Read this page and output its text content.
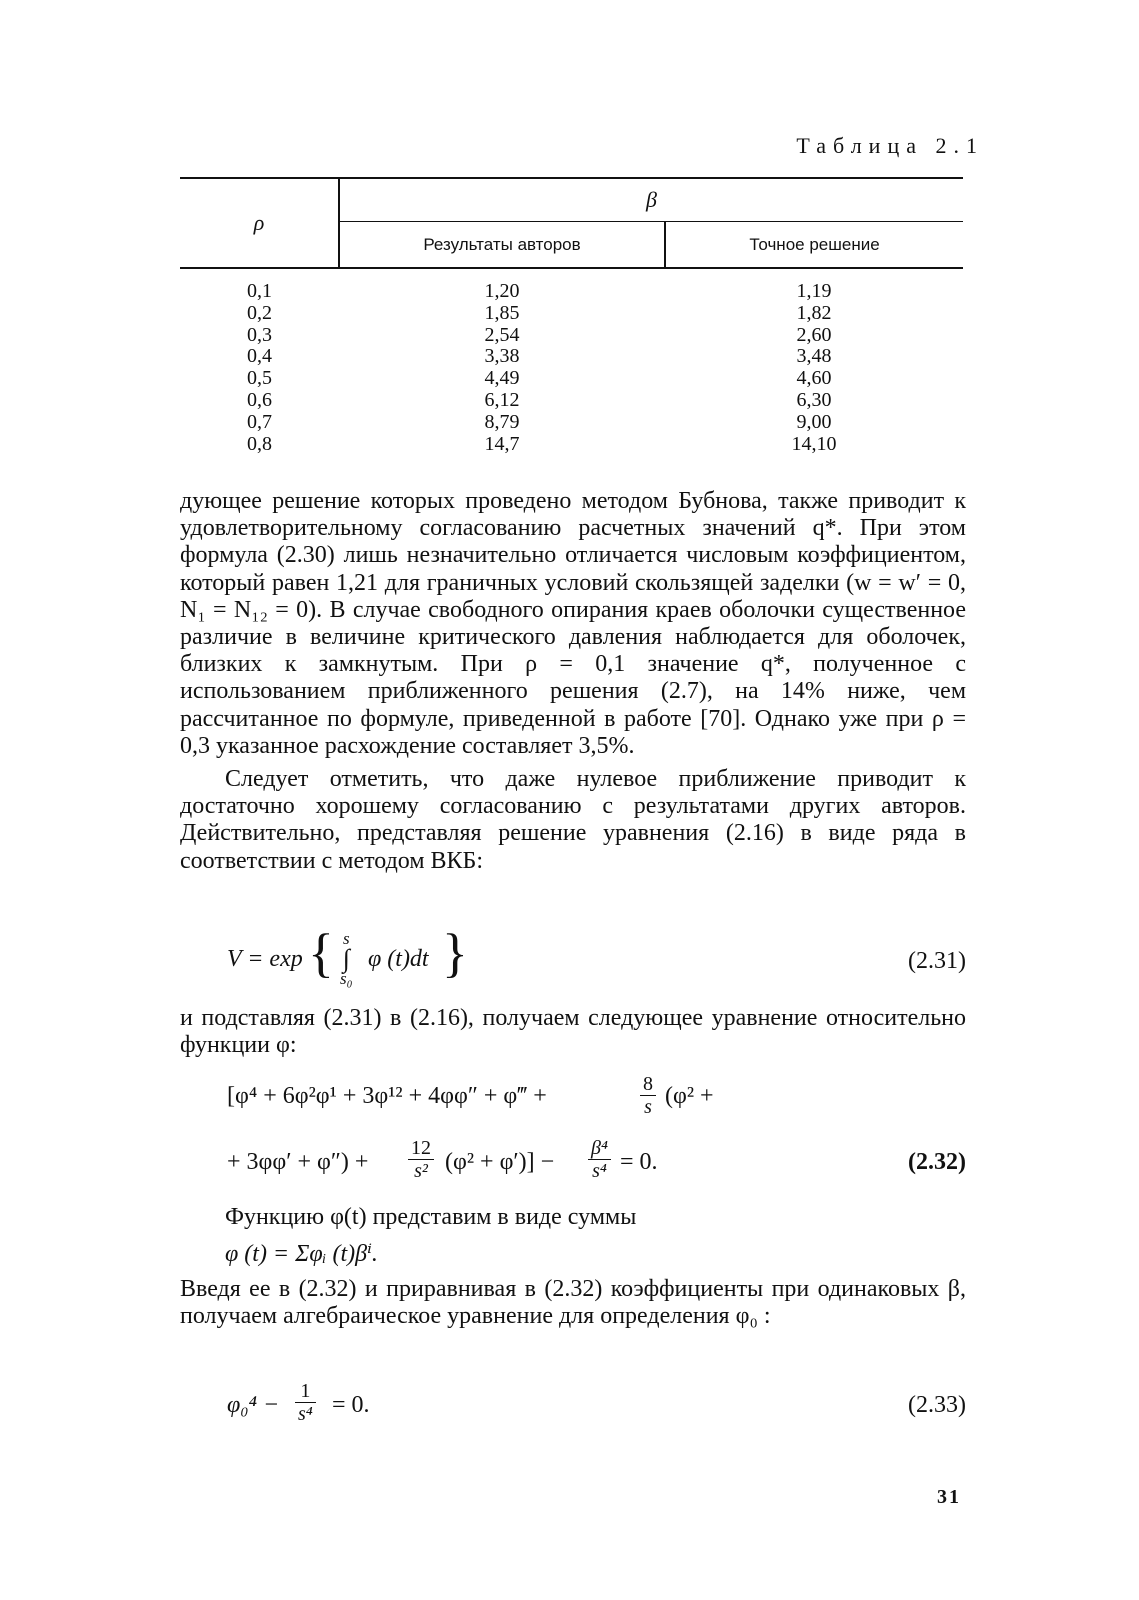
Таблица 2.1
ρ	β	
	Результаты авторов	Точное решение
0,1	1,20	1,19
0,2	1,85	1,82
0,3	2,54	2,60
0,4	3,38	3,48
0,5	4,49	4,60
0,6	6,12	6,30
0,7	8,79	9,00
0,8	14,7	14,10

дующее решение которых проведено методом Бубнова, также приводит к удовлетворительному согласованию расчетных значений q*. При этом формула (2.30) лишь незначительно отличается числовым коэффициентом, который равен 1,21 для граничных условий скользящей заделки (w = w′ = 0, N₁ = N₁₂ = 0). В случае свободного опирания краев оболочки существенное различие в величине критического давления наблюдается для оболочек, близких к замкнутым. При ρ = 0,1 значение q*, полученное с использованием приближенного решения (2.7), на 14% ниже, чем рассчитанное по формуле, приведенной в работе [70]. Однако уже при ρ = 0,3 указанное расхождение составляет 3,5%.

Следует отметить, что даже нулевое приближение приводит к достаточно хорошему согласованию с результатами других авторов. Действительно, представляя решение уравнения (2.16) в виде ряда в соответствии с методом ВКБ:

V = exp { s
∫
s₀
φ (t)dt }	(2.31)

и подставляя (2.31) в (2.16), получаем следующее уравнение относительно функции φ:

[φ⁴ + 6φ²φ¹ + 3φ¹² + 4φφ″ + φ‴ +	$\frac{8}{s} (\varphi^2$ +
+ $3\varphi\varphi' + \varphi'') + \frac{12}{\text{s²}} (\varphi^2 + \varphi')] - \frac{\text{β⁴}}{\text{s⁴}} = 0$.	(2.32)

Функцию φ(t) представим в виде суммы

φ (t) = Σφᵢ (t)βⁱ.

Введя ее в (2.32) и приравнивая в (2.32) коэффициенты при одинаковых β, получаем алгебраическое уравнение для определения φ₀ :

$\varphi_0^4 - \frac{1}{\text{s⁴}} = 0$.	(2.33)
31
